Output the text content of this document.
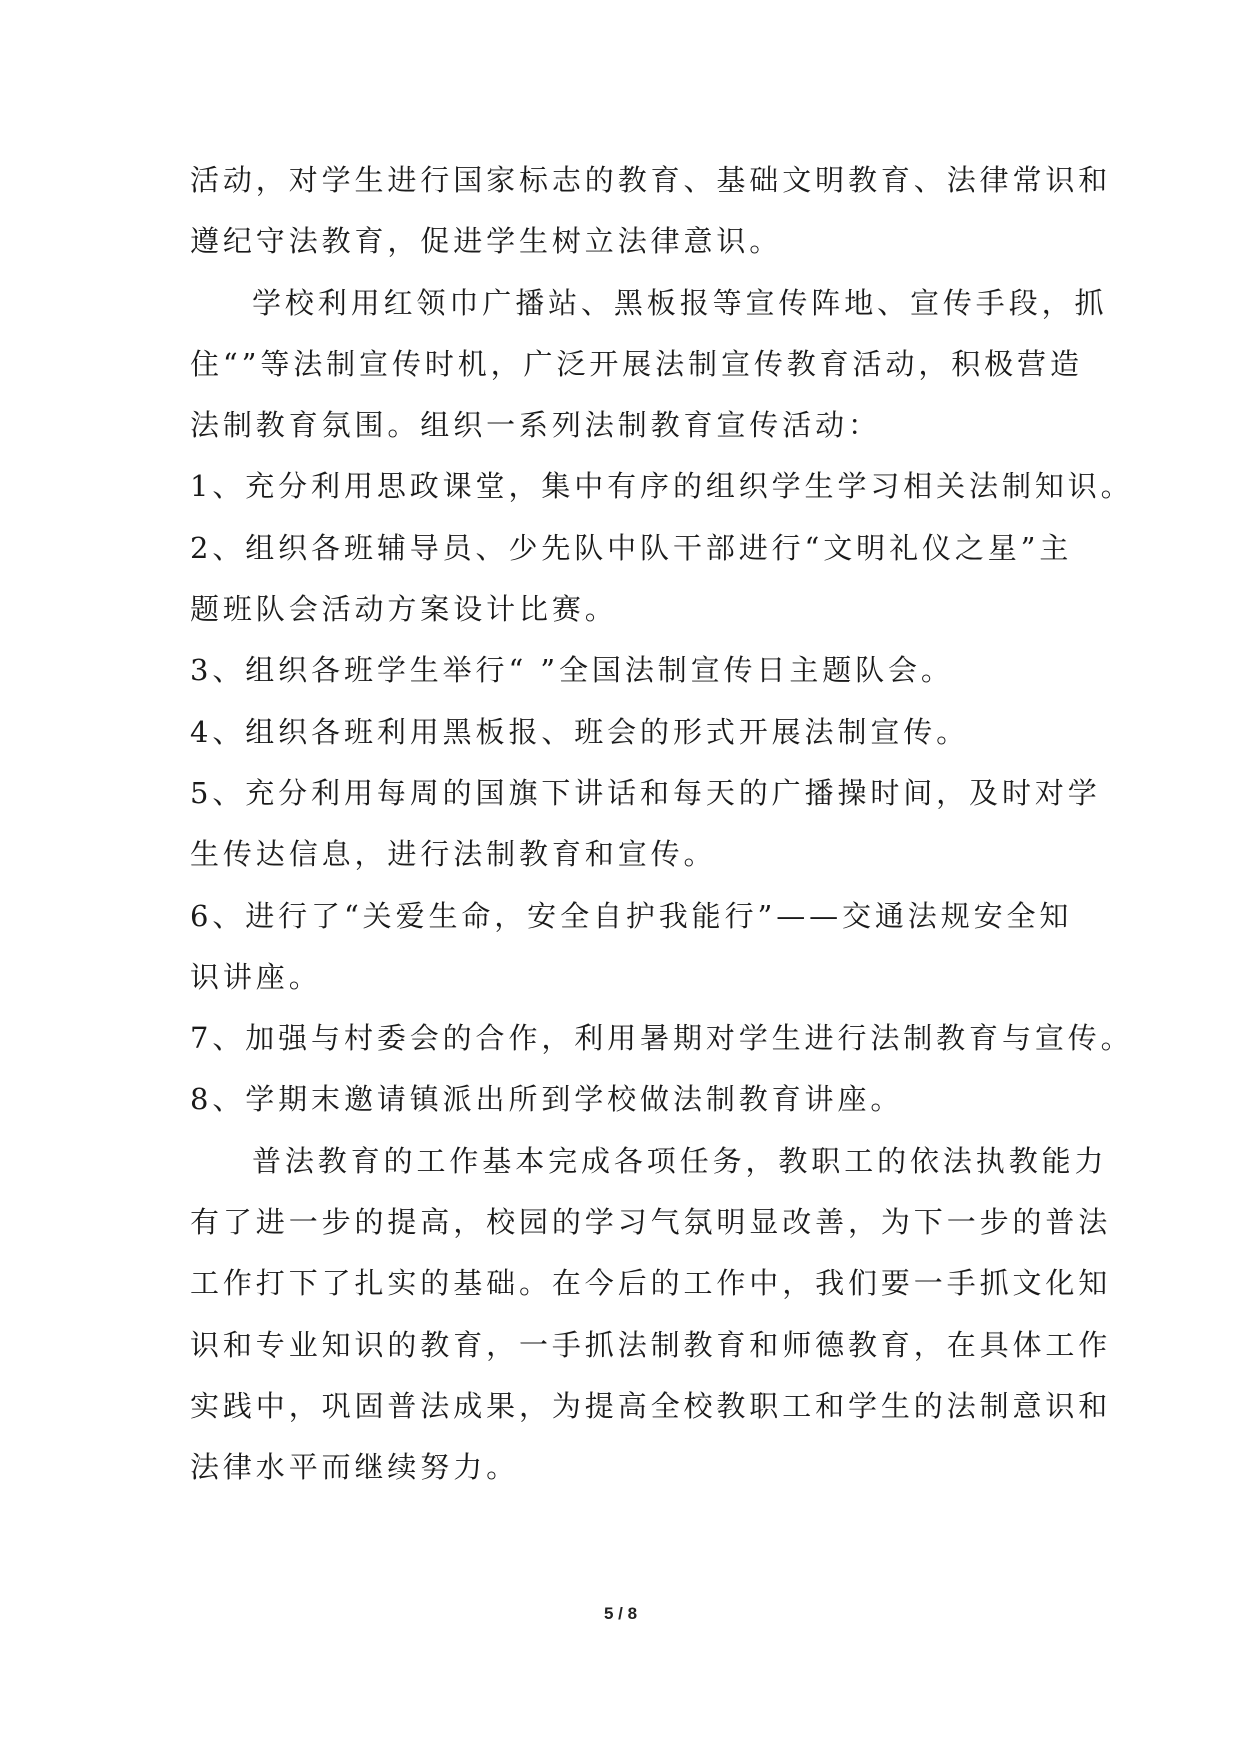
活动，对学生进行国家标志的教育、基础文明教育、法律常识和
遵纪守法教育，促进学生树立法律意识。
学校利用红领巾广播站、黑板报等宣传阵地、宣传手段，抓
住“”等法制宣传时机，广泛开展法制宣传教育活动，积极营造
法制教育氛围。组织一系列法制教育宣传活动：
1、充分利用思政课堂，集中有序的组织学生学习相关法制知识。
2、组织各班辅导员、少先队中队干部进行“文明礼仪之星”主
题班队会活动方案设计比赛。
3、组织各班学生举行“ ”全国法制宣传日主题队会。
4、组织各班利用黑板报、班会的形式开展法制宣传。
5、充分利用每周的国旗下讲话和每天的广播操时间，及时对学
生传达信息，进行法制教育和宣传。
6、进行了“关爱生命，安全自护我能行”——交通法规安全知
识讲座。
7、加强与村委会的合作，利用暑期对学生进行法制教育与宣传。
8、学期末邀请镇派出所到学校做法制教育讲座。
普法教育的工作基本完成各项任务，教职工的依法执教能力
有了进一步的提高，校园的学习气氛明显改善，为下一步的普法
工作打下了扎实的基础。在今后的工作中，我们要一手抓文化知
识和专业知识的教育，一手抓法制教育和师德教育，在具体工作
实践中，巩固普法成果，为提高全校教职工和学生的法制意识和
法律水平而继续努力。
5 / 8
